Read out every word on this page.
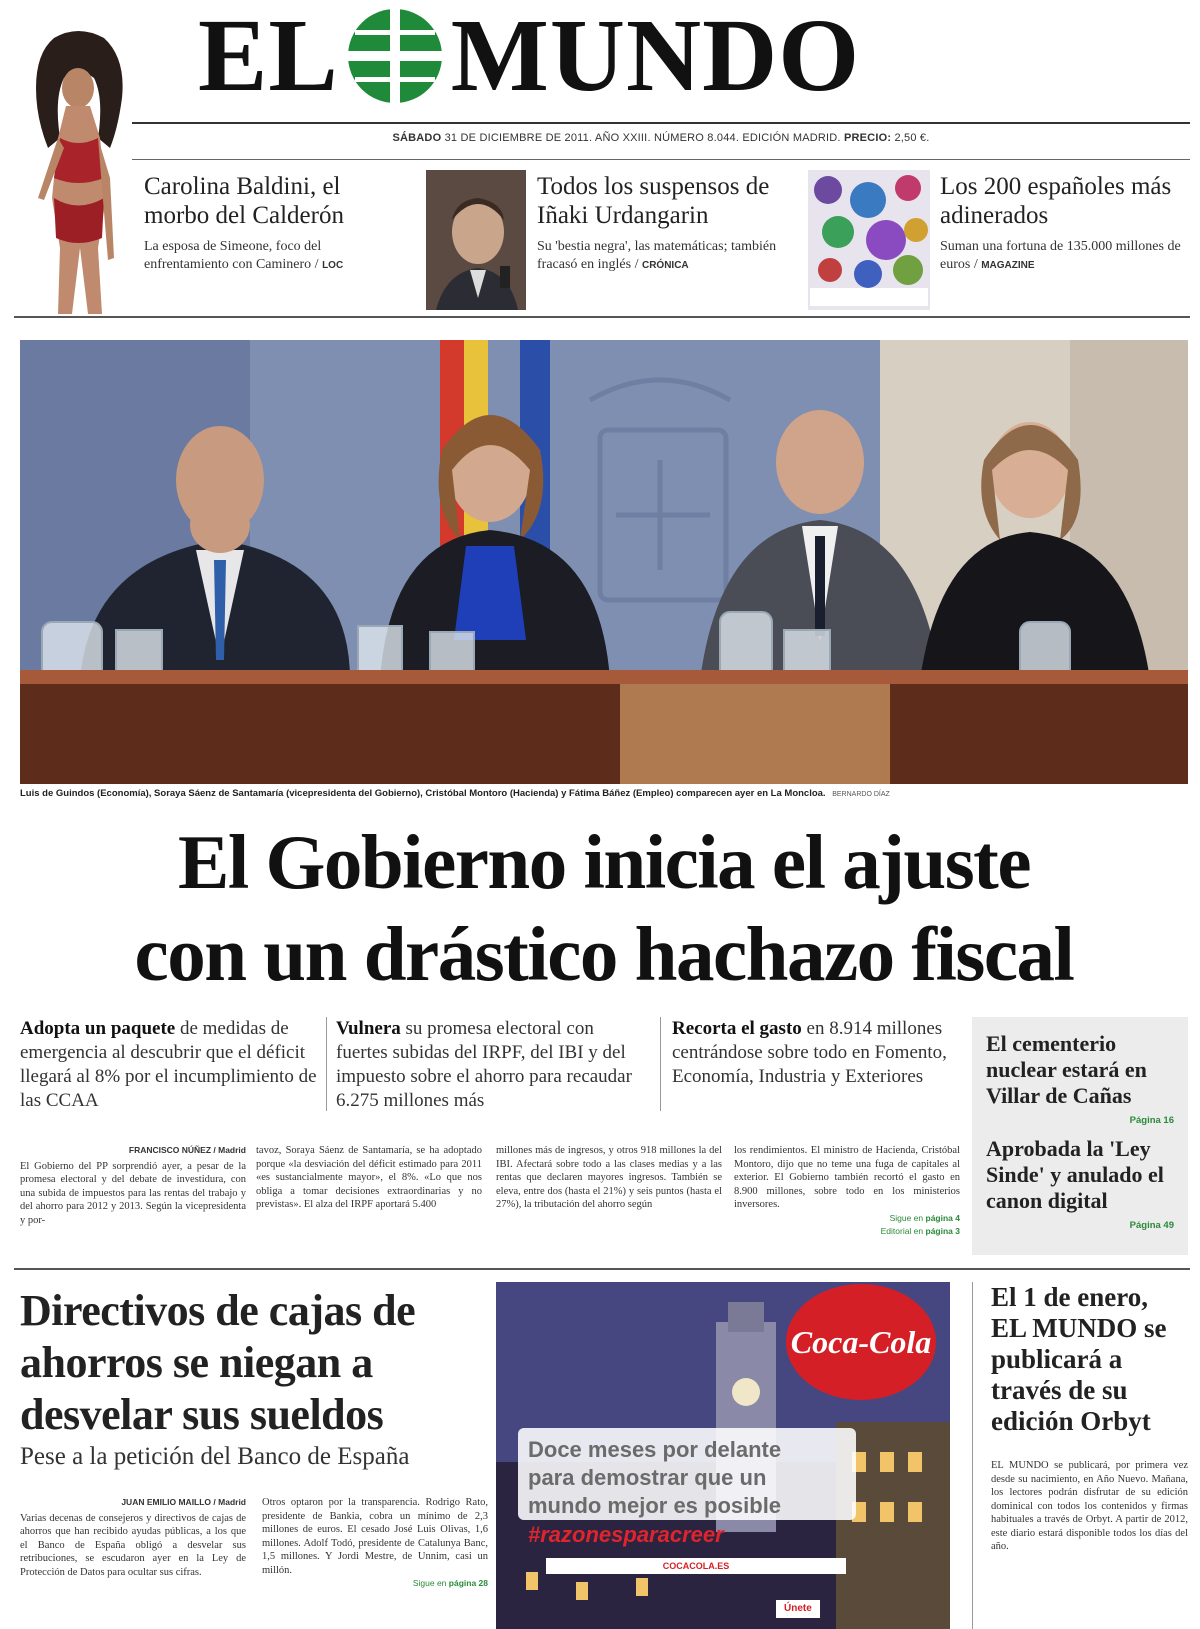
EL MUNDO
SÁBADO 31 DE DICIEMBRE DE 2011. AÑO XXIII. NÚMERO 8.044. EDICIÓN MADRID. PRECIO: 2,50 €.
Carolina Baldini, el morbo del Calderón

La esposa de Simeone, foco del enfrentamiento con Caminero / LOC

Todos los suspensos de Iñaki Urdangarin

Su 'bestia negra', las matemáticas; también fracasó en inglés / CRÓNICA

Los 200 españoles más adinerados

Suman una fortuna de 135.000 millones de euros / MAGAZINE

Luis de Guindos (Economía), Soraya Sáenz de Santamaría (vicepresidenta del Gobierno), Cristóbal Montoro (Hacienda) y Fátima Báñez (Empleo) comparecen ayer en La Moncloa. BERNARDO DÍAZ
El Gobierno inicia el ajuste
con un drástico hachazo fiscal
Adopta un paquete de medidas de emergencia al descubrir que el déficit llegará al 8% por el incumplimiento de las CCAA
Vulnera su promesa electoral con fuertes subidas del IRPF, del IBI y del impuesto sobre el ahorro para recaudar 6.275 millones más
Recorta el gasto en 8.914 millones centrándose sobre todo en Fomento, Economía, Industria y Exteriores
FRANCISCO NÚÑEZ / Madrid
El Gobierno del PP sorprendió ayer, a pesar de la promesa electoral y del debate de investidura, con una subida de impuestos para las rentas del trabajo y del ahorro para 2012 y 2013. Según la vicepresidenta y por-
tavoz, Soraya Sáenz de Santamaría, se ha adoptado porque «la desviación del déficit estimado para 2011 «es sustancialmente mayor», el 8%. «Lo que nos obliga a tomar decisiones extraordinarias y no previstas». El alza del IRPF aportará 5.400
millones más de ingresos, y otros 918 millones la del IBI. Afectará sobre todo a las clases medias y a las rentas que declaren mayores ingresos. También se eleva, entre dos (hasta el 21%) y seis puntos (hasta el 27%), la tributación del ahorro según
los rendimientos. El ministro de Hacienda, Cristóbal Montoro, dijo que no teme una fuga de capitales al exterior. El Gobierno también recortó el gasto en 8.900 millones, sobre todo en los ministerios inversores.
Sigue en página 4
Editorial en página 3
El cementerio nuclear estará en Villar de Cañas
Página 16
Aprobada la 'Ley Sinde' y anulado el canon digital
Página 49
Directivos de cajas de ahorros se niegan a desvelar sus sueldos
Pese a la petición del Banco de España
JUAN EMILIO MAILLO / Madrid
Varias decenas de consejeros y directivos de cajas de ahorros que han recibido ayudas públicas, a los que el Banco de España obligó a desvelar sus retribuciones, se escudaron ayer en la Ley de Protección de Datos para ocultar sus cifras.
Otros optaron por la transparencia. Rodrigo Rato, presidente de Bankia, cobra un mínimo de 2,3 millones de euros. El cesado José Luis Olivas, 1,6 millones. Adolf Todó, presidente de Catalunya Banc, 1,5 millones. Y Jordi Mestre, de Unnim, casi un millón.
Sigue en página 28
Coca-Cola
Doce meses por delante
para demostrar que un
mundo mejor es posible
#razonesparacreer
COCACOLA.ES
Únete
El 1 de enero, EL MUNDO se publicará a través de su edición Orbyt

EL MUNDO se publicará, por primera vez desde su nacimiento, en Año Nuevo. Mañana, los lectores podrán disfrutar de su edición dominical con todos los contenidos y firmas habituales a través de Orbyt. A partir de 2012, este diario estará disponible todos los días del año.
